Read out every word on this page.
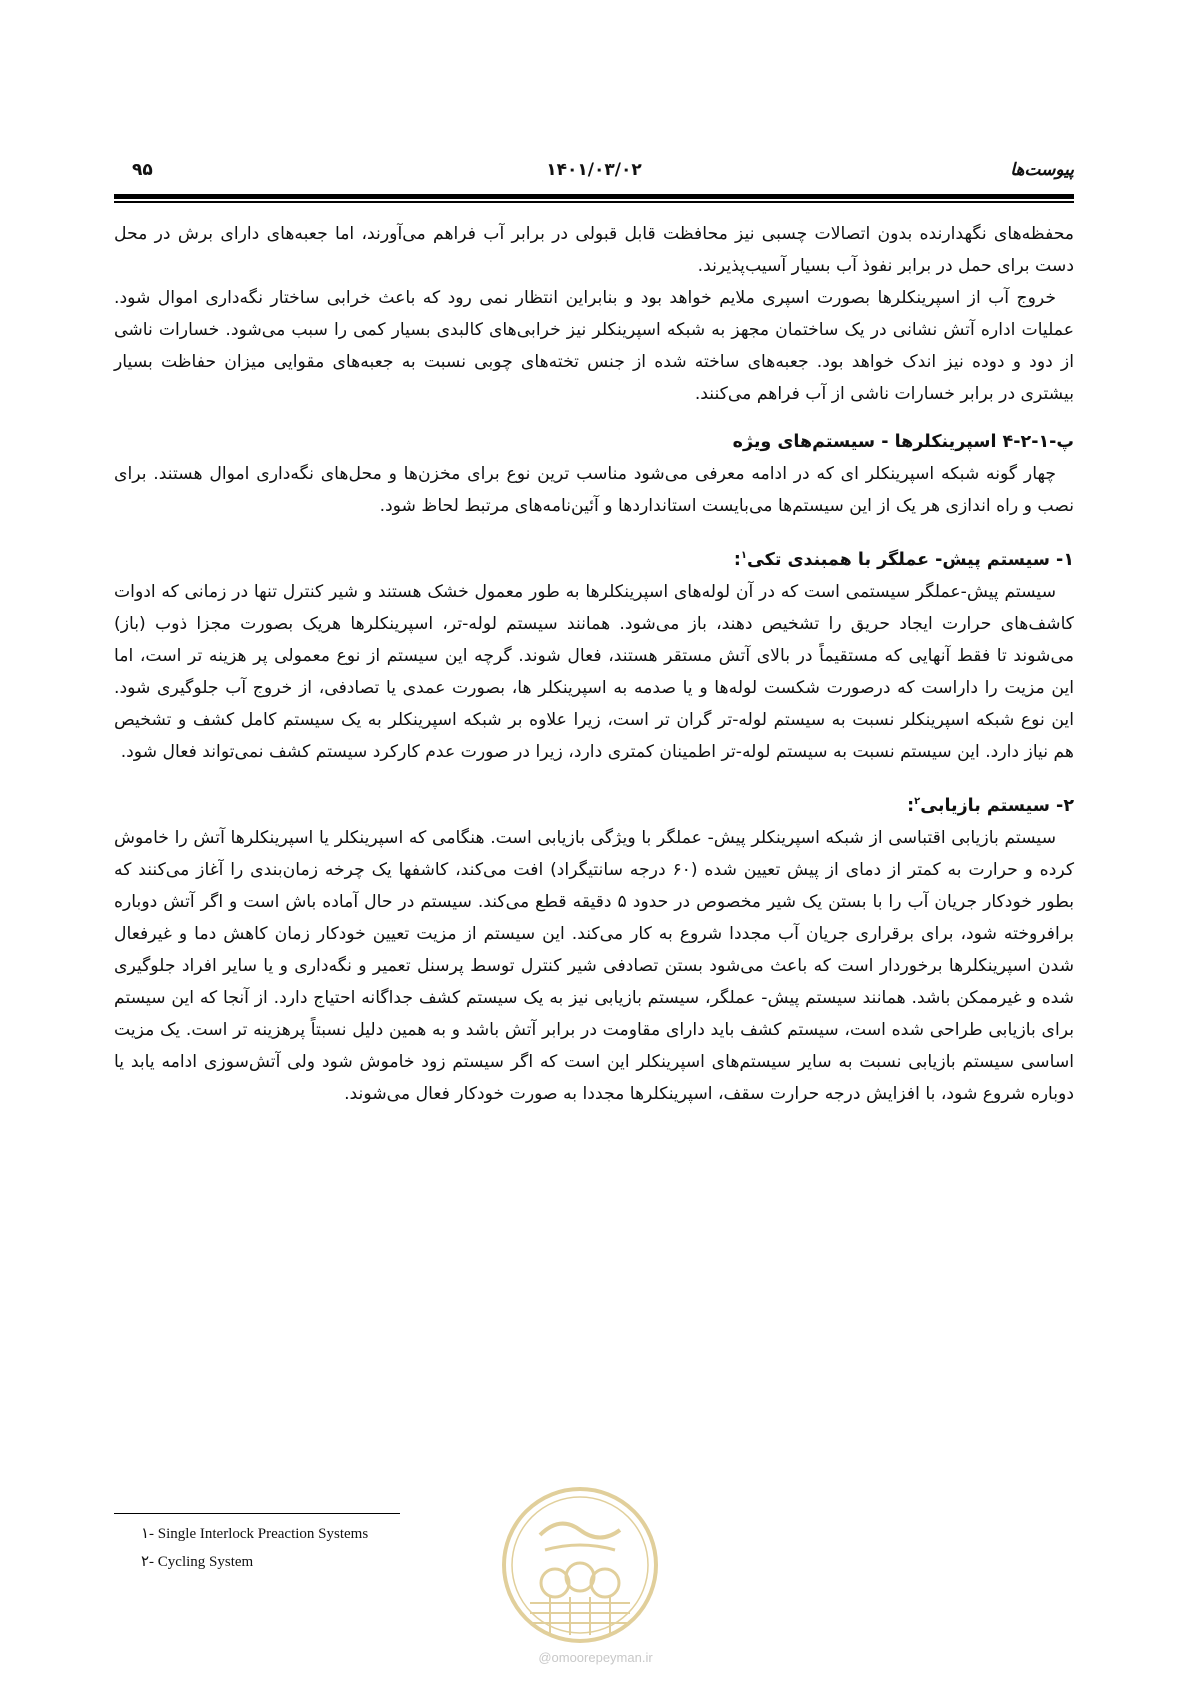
پیوست‌ها
۱۴۰۱/۰۳/۰۲
۹۵

محفظه‌های نگهدارنده بدون اتصالات چسبی نیز محافظت قابل قبولی در برابر آب فراهم می‌آورند، اما جعبه‌های دارای برش در محل دست برای حمل در برابر نفوذ آب بسیار آسیب‌پذیرند.

خروج آب از اسپرینکلرها بصورت اسپری ملایم خواهد بود و بنابراین انتظار نمی رود که باعث خرابی ساختار نگه‌داری اموال شود. عملیات اداره آتش نشانی در یک ساختمان مجهز به شبکه اسپرینکلر نیز خرابی‌های کالبدی بسیار کمی را سبب می‌شود. خسارات ناشی از دود و دوده نیز اندک خواهد بود. جعبه‌های ساخته شده از جنس تخته‌های چوبی نسبت به جعبه‌های مقوایی میزان حفاظت بسیار بیشتری در برابر خسارات ناشی از آب فراهم می‌کنند.

پ-۱-۲-۴ اسپرینکلرها - سیستم‌های ویژه

چهار گونه شبکه اسپرینکلر ای که در ادامه معرفی می‌شود مناسب ترین نوع برای مخزن‌ها و محل‌های نگه‌داری اموال هستند. برای نصب و راه اندازی هر یک از این سیستم‌ها می‌بایست استانداردها و آئین‌نامه‌های مرتبط لحاظ شود.

۱- سیستم پیش- عملگر با همبندی تکی$^۱$:

سیستم پیش-عملگر سیستمی است که در آن لوله‌های اسپرینکلرها به طور معمول خشک هستند و شیر کنترل تنها در زمانی که ادوات کاشف‌های حرارت ایجاد حریق را تشخیص دهند، باز می‌شود. همانند سیستم لوله-تر، اسپرینکلرها هریک بصورت مجزا ذوب (باز) می‌شوند تا فقط آنهایی که مستقیماً در بالای آتش مستقر هستند، فعال شوند. گرچه این سیستم از نوع معمولی پر هزینه تر است، اما این مزیت را داراست که درصورت شکست لوله‌ها و یا صدمه به اسپرینکلر ها، بصورت عمدی یا تصادفی، از خروج آب جلوگیری شود. این نوع شبکه اسپرینکلر نسبت به سیستم لوله-تر گران تر است، زیرا علاوه بر شبکه اسپرینکلر به یک سیستم کامل کشف و تشخیص هم نیاز دارد. این سیستم نسبت به سیستم لوله-تر اطمینان کمتری دارد، زیرا در صورت عدم کارکرد سیستم کشف نمی‌تواند فعال شود.

۲- سیستم بازیابی$^۲$:

سیستم بازیابی اقتباسی از شبکه اسپرینکلر پیش- عملگر با ویژگی بازیابی است. هنگامی که اسپرینکلر یا اسپرینکلرها آتش را خاموش کرده و حرارت به کمتر از دمای از پیش تعیین شده (۶۰ درجه سانتیگراد) افت می‌کند، کاشفها یک چرخه زمان‌بندی را آغاز می‌کنند که بطور خودکار جریان آب را با بستن یک شیر مخصوص در حدود ۵ دقیقه قطع می‌کند. سیستم در حال آماده باش است و اگر آتش دوباره برافروخته شود، برای برقراری جریان آب مجددا شروع به کار می‌کند. این سیستم از مزیت تعیین خودکار زمان کاهش دما و غیرفعال شدن اسپرینکلرها برخوردار است که باعث می‌شود بستن تصادفی شیر کنترل توسط پرسنل تعمیر و نگه‌داری و یا سایر افراد جلوگیری شده و غیرممکن باشد. همانند سیستم پیش- عملگر، سیستم بازیابی نیز به یک سیستم کشف جداگانه احتیاج دارد. از آنجا که این سیستم برای بازیابی طراحی شده است، سیستم کشف باید دارای مقاومت در برابر آتش باشد و به همین دلیل نسبتاً پرهزینه تر است. یک مزیت اساسی سیستم بازیابی نسبت به سایر سیستم‌های اسپرینکلر این است که اگر سیستم زود خاموش شود ولی آتش‌سوزی ادامه یابد یا دوباره شروع شود، با افزایش درجه حرارت سقف، اسپرینکلرها مجددا به صورت خودکار فعال می‌شوند.

۱- Single Interlock Preaction Systems
۲- Cycling System
@omoorepeyman.ir
